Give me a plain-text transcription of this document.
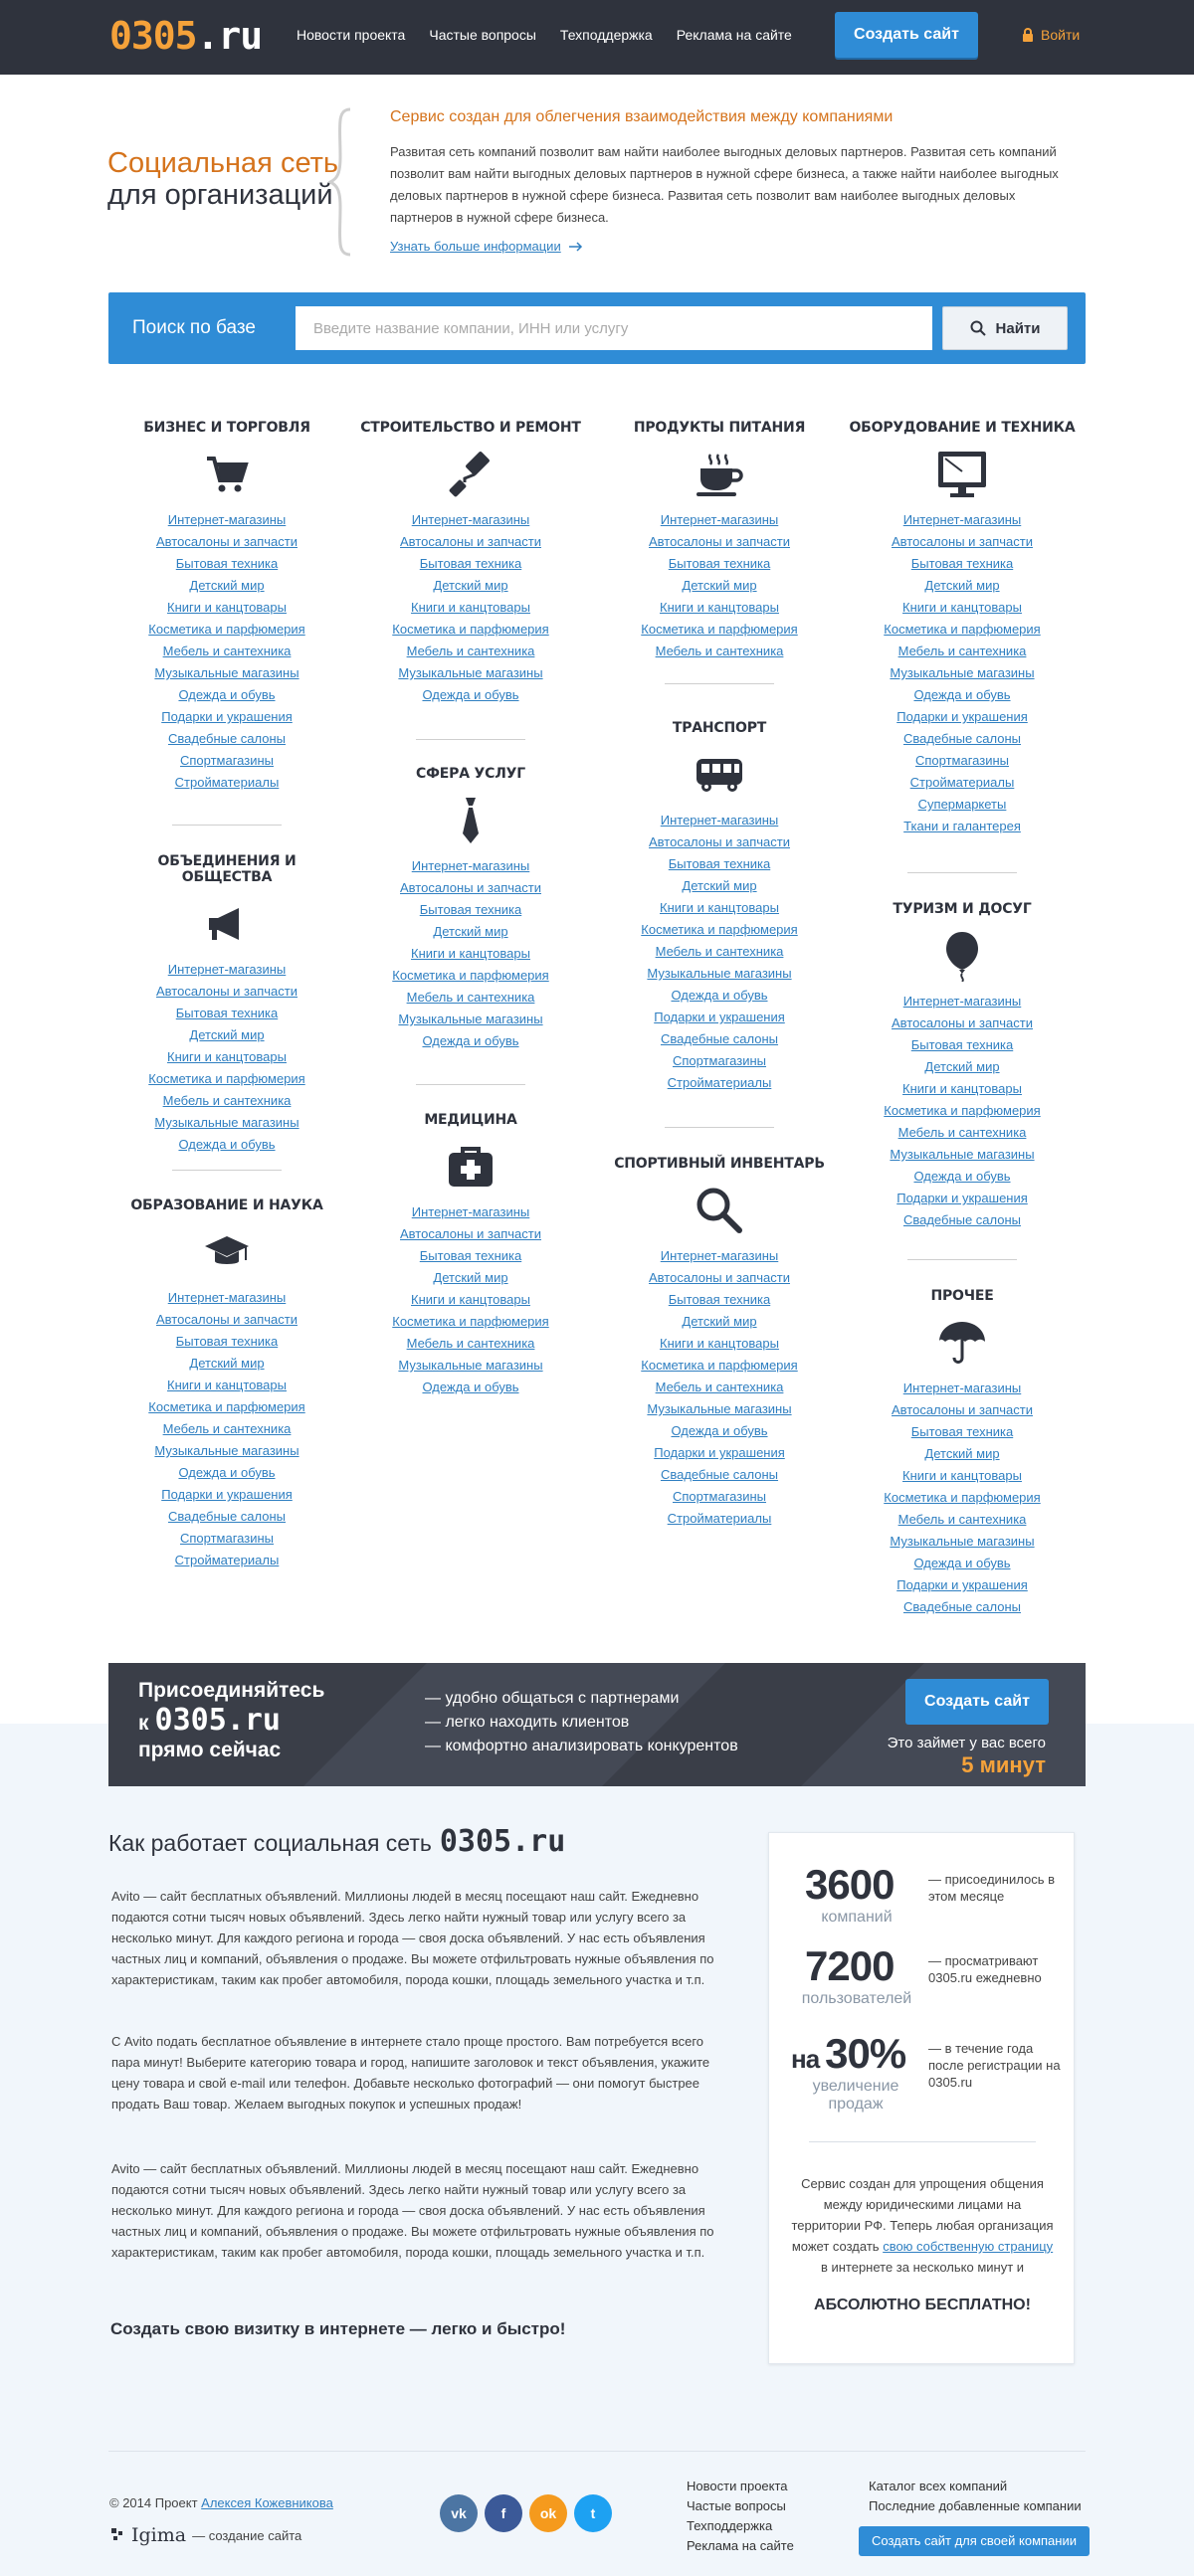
0305.ru Новости проекта Частые вопросы Техподдержка Реклама на сайте	Создать сайт	Войти
Социальная сеть
для организаций
Сервис создан для облегчения взаимодействия между компаниями
Развитая сеть компаний позволит вам найти наиболее выгодных деловых партнеров. Развитая сеть компаний позволит вам найти выгодных деловых партнеров в нужной сфере бизнеса, а также найти наиболее выгодных деловых партнеров в нужной сфере бизнеса. Развитая сеть позволит вам наиболее выгодных деловых партнеров в нужной сфере бизнеса.
Узнать больше информации
Поиск по базе
Введите название компании, ИНН или услугу	Найти
БИЗНЕС И ТОРГОВЛЯ
Интернет-магазины
Автосалоны и запчасти
Бытовая техника
Детский мир
Книги и канцтовары
Косметика и парфюмерия
Мебель и сантехника
Музыкальные магазины
Одежда и обувь
Подарки и украшения
Свадебные салоны
Спортмагазины
Стройматериалы
ОБЪЕДИНЕНИЯ И ОБЩЕСТВА
Интернет-магазины
Автосалоны и запчасти
Бытовая техника
Детский мир
Книги и канцтовары
Косметика и парфюмерия
Мебель и сантехника
Музыкальные магазины
Одежда и обувь
ОБРАЗОВАНИЕ И НАУКА
Интернет-магазины
Автосалоны и запчасти
Бытовая техника
Детский мир
Книги и канцтовары
Косметика и парфюмерия
Мебель и сантехника
Музыкальные магазины
Одежда и обувь
Подарки и украшения
Свадебные салоны
Спортмагазины
Стройматериалы
СТРОИТЕЛЬСТВО И РЕМОНТ
Интернет-магазины
Автосалоны и запчасти
Бытовая техника
Детский мир
Книги и канцтовары
Косметика и парфюмерия
Мебель и сантехника
Музыкальные магазины
Одежда и обувь
СФЕРА УСЛУГ
Интернет-магазины
Автосалоны и запчасти
Бытовая техника
Детский мир
Книги и канцтовары
Косметика и парфюмерия
Мебель и сантехника
Музыкальные магазины
Одежда и обувь
МЕДИЦИНА
Интернет-магазины
Автосалоны и запчасти
Бытовая техника
Детский мир
Книги и канцтовары
Косметика и парфюмерия
Мебель и сантехника
Музыкальные магазины
Одежда и обувь
ПРОДУКТЫ ПИТАНИЯ
Интернет-магазины
Автосалоны и запчасти
Бытовая техника
Детский мир
Книги и канцтовары
Косметика и парфюмерия
Мебель и сантехника
ТРАНСПОРТ
Интернет-магазины
Автосалоны и запчасти
Бытовая техника
Детский мир
Книги и канцтовары
Косметика и парфюмерия
Мебель и сантехника
Музыкальные магазины
Одежда и обувь
Подарки и украшения
Свадебные салоны
Спортмагазины
Стройматериалы
СПОРТИВНЫЙ ИНВЕНТАРЬ
Интернет-магазины
Автосалоны и запчасти
Бытовая техника
Детский мир
Книги и канцтовары
Косметика и парфюмерия
Мебель и сантехника
Музыкальные магазины
Одежда и обувь
Подарки и украшения
Свадебные салоны
Спортмагазины
Стройматериалы
ОБОРУДОВАНИЕ И ТЕХНИКА
Интернет-магазины
Автосалоны и запчасти
Бытовая техника
Детский мир
Книги и канцтовары
Косметика и парфюмерия
Мебель и сантехника
Музыкальные магазины
Одежда и обувь
Подарки и украшения
Свадебные салоны
Спортмагазины
Стройматериалы
Супермаркеты
Ткани и галантерея
ТУРИЗМ И ДОСУГ
Интернет-магазины
Автосалоны и запчасти
Бытовая техника
Детский мир
Книги и канцтовары
Косметика и парфюмерия
Мебель и сантехника
Музыкальные магазины
Одежда и обувь
Подарки и украшения
Свадебные салоны
ПРОЧЕЕ
Интернет-магазины
Автосалоны и запчасти
Бытовая техника
Детский мир
Книги и канцтовары
Косметика и парфюмерия
Мебель и сантехника
Музыкальные магазины
Одежда и обувь
Подарки и украшения
Свадебные салоны
Присоединяйтесь
к 0305.ru
прямо сейчас
— удобно общаться с партнерами
— легко находить клиентов
— комфортно анализировать конкурентов
Создать сайт
Это займет у вас всего
5 минут
Как работает социальная сеть 0305.ru
Avito — сайт бесплатных объявлений. Миллионы людей в месяц посещают наш сайт. Ежедневно подаются сотни тысяч новых объявлений. Здесь легко найти нужный товар или услугу всего за несколько минут. Для каждого региона и города — своя доска объявлений. У нас есть объявления частных лиц и компаний, объявления о продаже. Вы можете отфильтровать нужные объявления по характеристикам, таким как пробег автомобиля, порода кошки, площадь земельного участка и т.п.
С Avito подать бесплатное объявление в интернете стало проще простого. Вам потребуется всего пара минут! Выберите категорию товара и город, напишите заголовок и текст объявления, укажите цену товара и свой e-mail или телефон. Добавьте несколько фотографий — они помогут быстрее продать Ваш товар. Желаем выгодных покупок и успешных продаж!
Avito — сайт бесплатных объявлений. Миллионы людей в месяц посещают наш сайт. Ежедневно подаются сотни тысяч новых объявлений. Здесь легко найти нужный товар или услугу всего за несколько минут. Для каждого региона и города — своя доска объявлений. У нас есть объявления частных лиц и компаний, объявления о продаже. Вы можете отфильтровать нужные объявления по характеристикам, таким как пробег автомобиля, порода кошки, площадь земельного участка и т.п.
Создать свою визитку в интернете — легко и быстро!
3600
компаний
— присоединилось в этом месяце
7200
пользователей
— просматривают 0305.ru ежедневно
на 30%
увеличение продаж
— в течение года после регистрации на 0305.ru
Сервис создан для упрощения общения между юридическими лицами на территории РФ. Теперь любая организация может создать свою собственную страницу в интернете за несколько минут и
АБСОЛЮТНО БЕСПЛАТНО!
© 2014 Проект Алексея Кожевникова
Igima — создание сайта
vk	f	ok	t
Новости проекта
Частые вопросы
Техподдержка
Реклама на сайте
Каталог всех компаний
Последние добавленные компании
Создать сайт для своей компании
